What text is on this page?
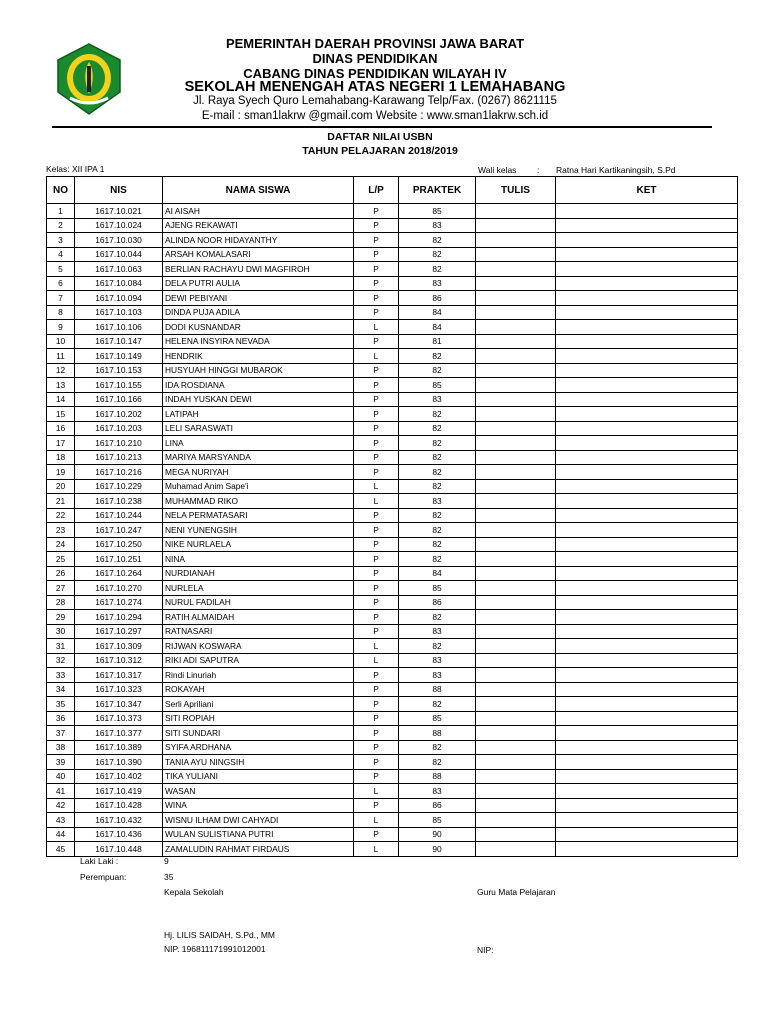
PEMERINTAH DAERAH PROVINSI JAWA BARAT
DINAS PENDIDIKAN
CABANG DINAS PENDIDIKAN WILAYAH IV
SEKOLAH MENENGAH ATAS NEGERI 1 LEMAHABANG
Jl. Raya Syech Quro Lemahabang-Karawang Telp/Fax. (0267) 8621115
E-mail : sman1lakrw @gmail.com Website : www.sman1lakrw.sch.id
DAFTAR NILAI USBN
TAHUN PELAJARAN 2018/2019
Kelas: XII IPA 1	Wali kelas : Ratna Hari Kartikaningsih, S.Pd
NO	NIS	NAMA SISWA	L/P	PRAKTEK	TULIS	KET
1	1617.10.021	AI AISAH	P	85		
2	1617.10.024	AJENG REKAWATI	P	83		
3	1617.10.030	ALINDA NOOR HIDAYANTHY	P	82		
4	1617.10.044	ARSAH KOMALASARI	P	82		
5	1617.10.063	BERLIAN RACHAYU DWI MAGFIROH	P	82		
6	1617.10.084	DELA PUTRI AULIA	P	83		
7	1617.10.094	DEWI PEBIYANI	P	86		
8	1617.10.103	DINDA PUJA ADILA	P	84		
9	1617.10.106	DODI KUSNANDAR	L	84		
10	1617.10.147	HELENA INSYIRA NEVADA	P	81		
11	1617.10.149	HENDRIK	L	82		
12	1617.10.153	HUSYUAH HINGGI MUBAROK	P	82		
13	1617.10.155	IDA ROSDIANA	P	85		
14	1617.10.166	INDAH YUSKAN DEWI	P	83		
15	1617.10.202	LATIPAH	P	82		
16	1617.10.203	LELI SARASWATI	P	82		
17	1617.10.210	LINA	P	82		
18	1617.10.213	MARIYA MARSYANDA	P	82		
19	1617.10.216	MEGA NURIYAH	P	82		
20	1617.10.229	Muhamad Anim Sape'i	L	82		
21	1617.10.238	MUHAMMAD RIKO	L	83		
22	1617.10.244	NELA PERMATASARI	P	82		
23	1617.10.247	NENI YUNENGSIH	P	82		
24	1617.10.250	NIKE NURLAELA	P	82		
25	1617.10.251	NINA	P	82		
26	1617.10.264	NURDIANAH	P	84		
27	1617.10.270	NURLELA	P	85		
28	1617.10.274	NURUL FADILAH	P	86		
29	1617.10.294	RATIH ALMAIDAH	P	82		
30	1617.10.297	RATNASARI	P	83		
31	1617.10.309	RIJWAN KOSWARA	L	82		
32	1617.10.312	RIKI ADI SAPUTRA	L	83		
33	1617.10.317	Rindi Linuriah	P	83		
34	1617.10.323	ROKAYAH	P	88		
35	1617.10.347	Serli Apriliani	P	82		
36	1617.10.373	SITI ROPIAH	P	85		
37	1617.10.377	SITI SUNDARI	P	88		
38	1617.10.389	SYIFA ARDHANA	P	82		
39	1617.10.390	TANIA AYU NINGSIH	P	82		
40	1617.10.402	TIKA YULIANI	P	88		
41	1617.10.419	WASAN	L	83		
42	1617.10.428	WINA	P	86		
43	1617.10.432	WISNU ILHAM DWI CAHYADI	L	85		
44	1617.10.436	WULAN SULISTIANA PUTRI	P	90		
45	1617.10.448	ZAMALUDIN RAHMAT FIRDAUS	L	90		
Laki Laki :	9
Perempuan:	35
Kepala Sekolah	Guru Mata Pelajaran
Hj. LILIS SAIDAH, S.Pd., MM
NIP. 196811171991012001	NIP:
